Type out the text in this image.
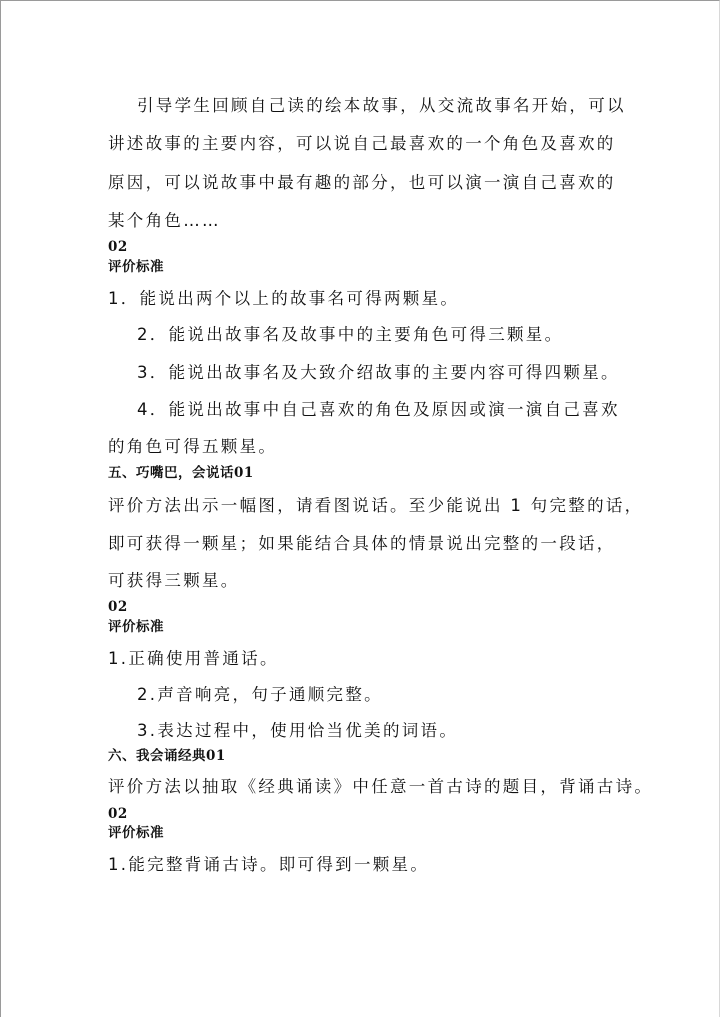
引导学生回顾自己读的绘本故事，从交流故事名开始，可以
讲述故事的主要内容，可以说自己最喜欢的一个角色及喜欢的
原因，可以说故事中最有趣的部分，也可以演一演自己喜欢的
某个角色……
02
评价标准
1．能说出两个以上的故事名可得两颗星。
2．能说出故事名及故事中的主要角色可得三颗星。
3．能说出故事名及大致介绍故事的主要内容可得四颗星。
4．能说出故事中自己喜欢的角色及原因或演一演自己喜欢
的角色可得五颗星。
五、巧嘴巴，会说话01
评价方法出示一幅图，请看图说话。至少能说出 1 句完整的话，
即可获得一颗星；如果能结合具体的情景说出完整的一段话，
可获得三颗星。
02
评价标准
1.正确使用普通话。
2.声音响亮，句子通顺完整。
3.表达过程中，使用恰当优美的词语。
六、我会诵经典01
评价方法以抽取《经典诵读》中任意一首古诗的题目，背诵古诗。
02
评价标准
1.能完整背诵古诗。即可得到一颗星。
